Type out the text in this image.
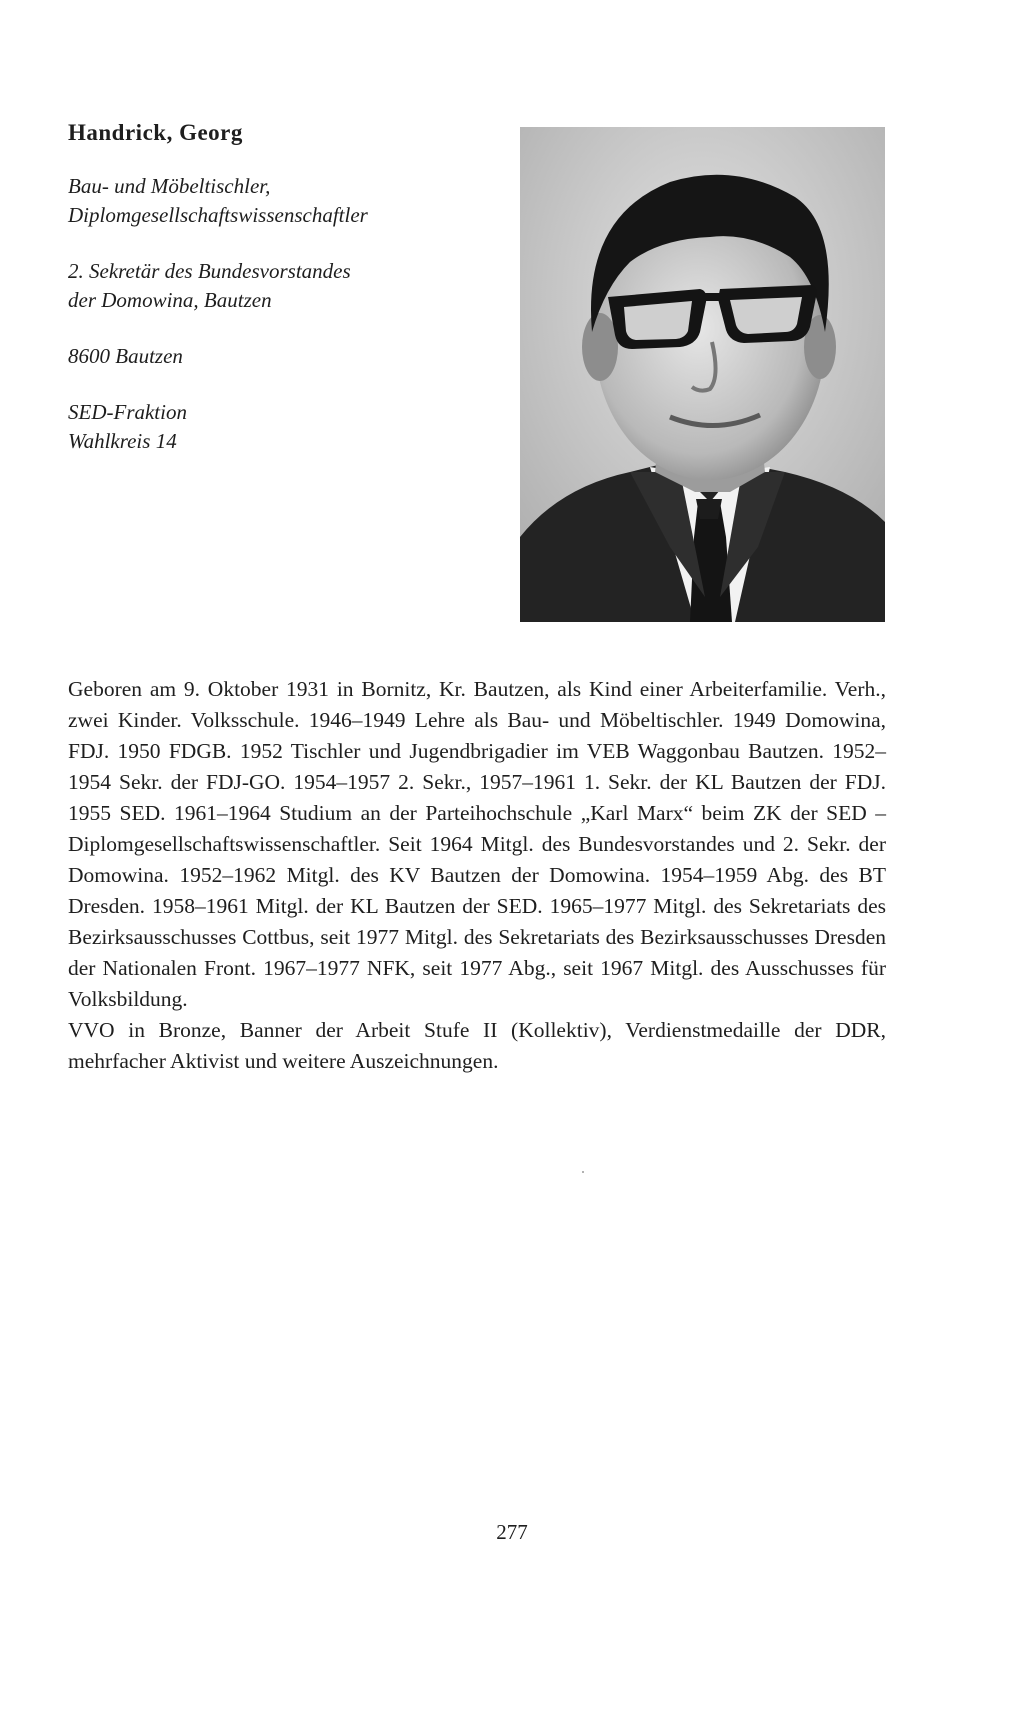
Handrick, Georg
Bau- und Möbeltischler,
Diplomgesellschaftswissenschaftler
2. Sekretär des Bundesvorstandes
der Domowina, Bautzen
8600 Bautzen
SED-Fraktion
Wahlkreis 14

Geboren am 9. Oktober 1931 in Bornitz, Kr. Bautzen, als Kind einer Arbeiterfamilie. Verh., zwei Kinder. Volksschule. 1946–1949 Lehre als Bau- und Möbeltischler. 1949 Domowina, FDJ. 1950 FDGB. 1952 Tischler und Jugendbrigadier im VEB Waggonbau Bautzen. 1952–1954 Sekr. der FDJ-GO. 1954–1957 2. Sekr., 1957–1961 1. Sekr. der KL Bautzen der FDJ. 1955 SED. 1961–1964 Studium an der Parteihochschule „Karl Marx“ beim ZK der SED – Diplomgesellschaftswissenschaftler. Seit 1964 Mitgl. des Bundesvorstandes und 2. Sekr. der Domowina. 1952–1962 Mitgl. des KV Bautzen der Domowina. 1954–1959 Abg. des BT Dresden. 1958–1961 Mitgl. der KL Bautzen der SED. 1965–1977 Mitgl. des Sekretariats des Bezirksausschusses Cottbus, seit 1977 Mitgl. des Sekretariats des Bezirksausschusses Dresden der Nationalen Front. 1967–1977 NFK, seit 1977 Abg., seit 1967 Mitgl. des Ausschusses für Volksbildung.

VVO in Bronze, Banner der Arbeit Stufe II (Kollektiv), Verdienstmedaille der DDR, mehrfacher Aktivist und weitere Auszeichnungen.

277
